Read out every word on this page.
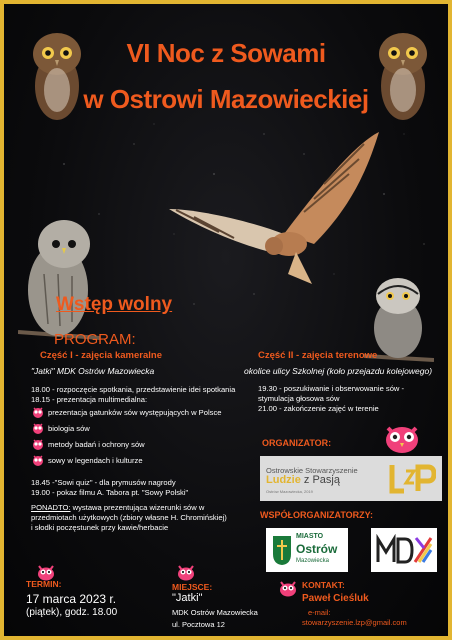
VI Noc z Sowami
w Ostrowi Mazowieckiej
Wstęp wolny
PROGRAM:
Część I - zajęcia kameralne	Część II - zajęcia terenowe
"Jatki" MDK Ostrów Mazowiecka	okolice ulicy Szkolnej (koło przejazdu kolejowego)
18.00 - rozpoczęcie spotkania, przedstawienie idei spotkania
18.15 - prezentacja multimedialna:
prezentacja gatunków sów występujących w Polsce
biologia sów
metody badań i ochrony sów
sowy w legendach i kulturze
18.45 -"Sowi quiz" - dla prymusów nagrody
19.00 - pokaz filmu A. Tabora pt. "Sowy Polski"
PONADTO: wystawa prezentująca wizerunki sów w
przedmiotach użytkowych (zbiory własne H. Chromińskiej)
i słodki poczęstunek przy kawie/herbacie
19.30 - poszukiwanie i obserwowanie sów -
stymulacja głosowa sów
21.00 - zakończenie zajęć w terenie
ORGANIZATOR:
Ostrowskie Stowarzyszenie
Ludzie z Pasją
Ostrów Mazowiecka, 2019
WSPÓŁORGANIZATORZY:
MIASTO
Ostrów
Mazowiecka
TERMIN:
17 marca 2023 r.
(piątek), godz. 18.00
MIEJSCE:
"Jatki"
MDK Ostrów Mazowiecka
ul. Pocztowa 12
KONTAKT:
Paweł Cieśluk
e-mail:
stowarzyszenie.lzp@gmail.com
